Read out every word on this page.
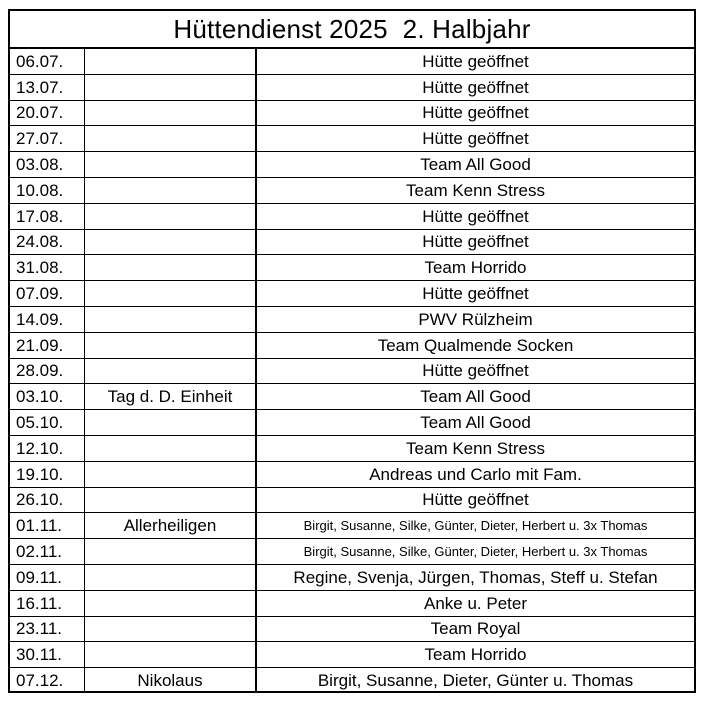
Hüttendienst 2025  2. Halbjahr
06.07.		Hütte geöffnet
13.07.		Hütte geöffnet
20.07.		Hütte geöffnet
27.07.		Hütte geöffnet
03.08.		Team All Good
10.08.		Team Kenn Stress
17.08.		Hütte geöffnet
24.08.		Hütte geöffnet
31.08.		Team Horrido
07.09.		Hütte geöffnet
14.09.		PWV Rülzheim
21.09.		Team Qualmende Socken
28.09.		Hütte geöffnet
03.10.	Tag d. D. Einheit	Team All Good
05.10.		Team All Good
12.10.		Team Kenn Stress
19.10.		Andreas und Carlo mit Fam.
26.10.		Hütte geöffnet
01.11.	Allerheiligen	Birgit, Susanne, Silke, Günter, Dieter, Herbert u. 3x Thomas
02.11.		Birgit, Susanne, Silke, Günter, Dieter, Herbert u. 3x Thomas
09.11.		Regine, Svenja, Jürgen, Thomas, Steff u. Stefan
16.11.		Anke u. Peter
23.11.		Team Royal
30.11.		Team Horrido
07.12.	Nikolaus	Birgit, Susanne, Dieter, Günter u. Thomas
